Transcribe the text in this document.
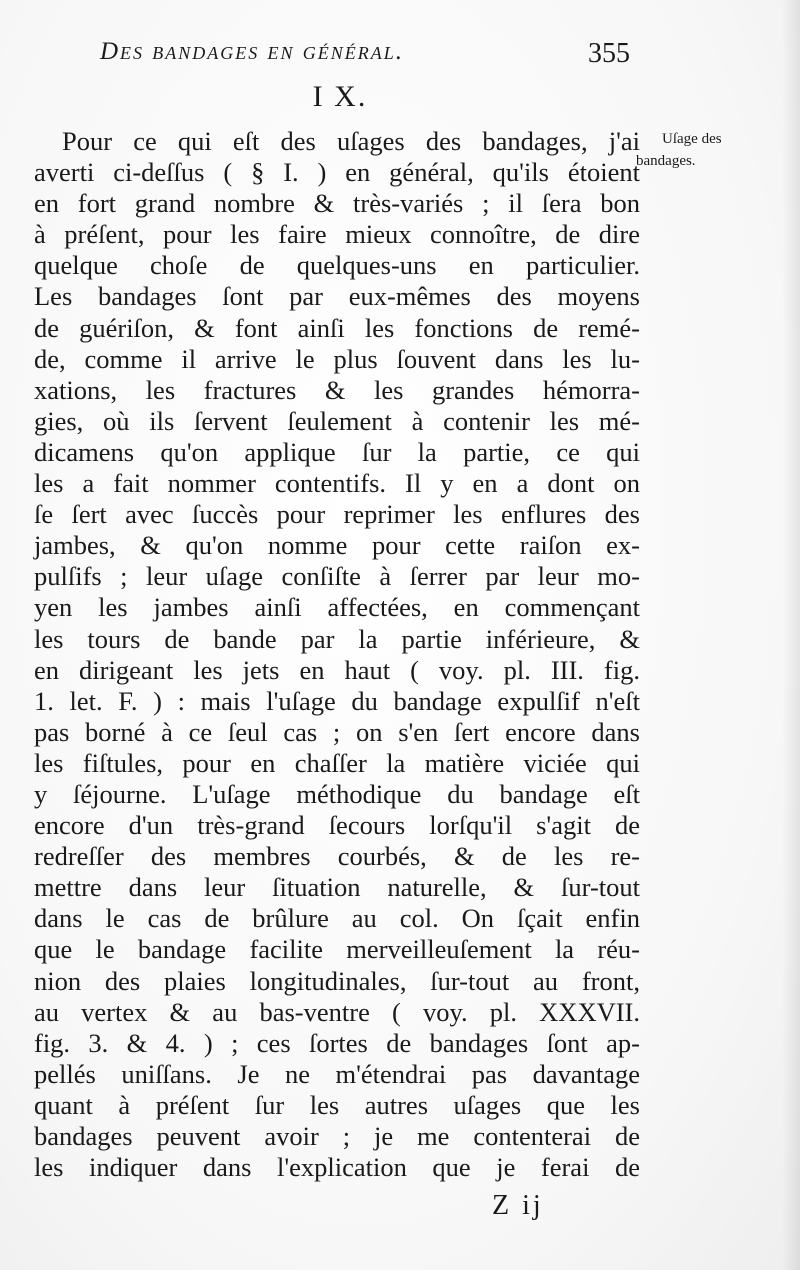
Des bandages en général.	355
I X.
Uſage des
bandages.
Pour ce qui eſt des uſages des bandages, j'ai
averti ci-deſſus ( § I. ) en général, qu'ils étoient
en fort grand nombre & très-variés ; il ſera bon
à préſent, pour les faire mieux connoître, de dire
quelque choſe de quelques-uns en particulier.
Les bandages ſont par eux-mêmes des moyens
de guériſon, & font ainſi les fonctions de remé-
de, comme il arrive le plus ſouvent dans les lu-
xations, les fractures & les grandes hémorra-
gies, où ils ſervent ſeulement à contenir les mé-
dicamens qu'on applique ſur la partie, ce qui
les a fait nommer contentifs. Il y en a dont on
ſe ſert avec ſuccès pour reprimer les enflures des
jambes, & qu'on nomme pour cette raiſon ex-
pulſifs ; leur uſage conſiſte à ſerrer par leur mo-
yen les jambes ainſi affectées, en commençant
les tours de bande par la partie inférieure, &
en dirigeant les jets en haut ( voy. pl. III. fig.
1. let. F. ) : mais l'uſage du bandage expulſif n'eſt
pas borné à ce ſeul cas ; on s'en ſert encore dans
les fiſtules, pour en chaſſer la matière viciée qui
y ſéjourne. L'uſage méthodique du bandage eſt
encore d'un très-grand ſecours lorſqu'il s'agit de
redreſſer des membres courbés, & de les re-
mettre dans leur ſituation naturelle, & ſur-tout
dans le cas de brûlure au col. On ſçait enfin
que le bandage facilite merveilleuſement la réu-
nion des plaies longitudinales, ſur-tout au front,
au vertex & au bas-ventre ( voy. pl. XXXVII.
fig. 3. & 4. ) ; ces ſortes de bandages ſont ap-
pellés uniſſans. Je ne m'étendrai pas davantage
quant à préſent ſur les autres uſages que les
bandages peuvent avoir ; je me contenterai de
les indiquer dans l'explication que je ferai de
Z ij
